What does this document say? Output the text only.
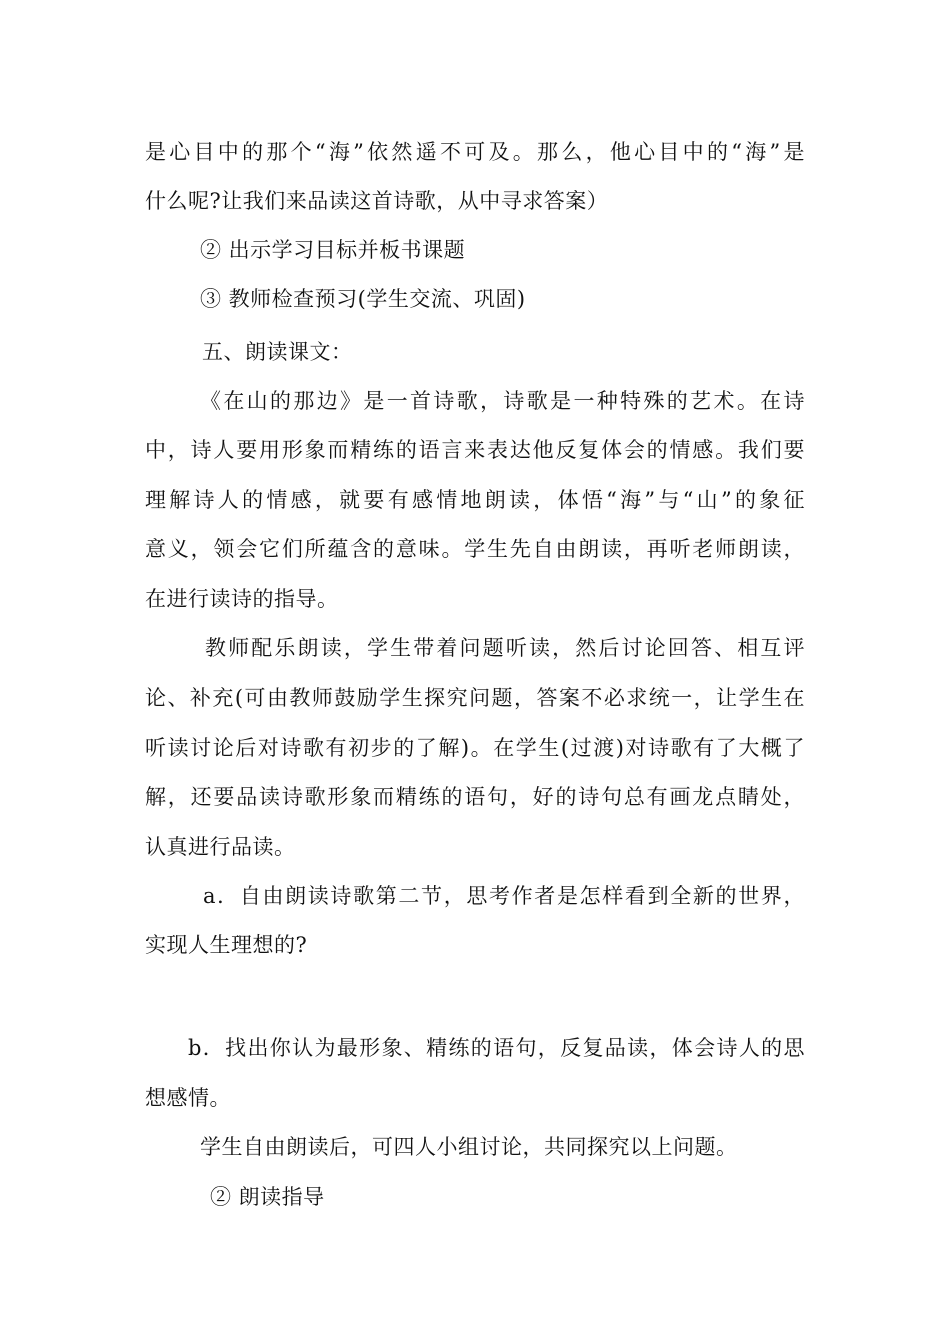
是心目中的那个“海”依然遥不可及。那么，他心目中的“海”是
什么呢?让我们来品读这首诗歌，从中寻求答案）
② 出示学习目标并板书课题
③ 教师检查预习(学生交流、巩固)
五、朗读课文：
《在山的那边》是一首诗歌，诗歌是一种特殊的艺术。在诗
中，诗人要用形象而精练的语言来表达他反复体会的情感。我们要
理解诗人的情感，就要有感情地朗读，体悟“海”与“山”的象征
意义，领会它们所蕴含的意味。学生先自由朗读，再听老师朗读，
在进行读诗的指导。
教师配乐朗读，学生带着问题听读，然后讨论回答、相互评
论、补充(可由教师鼓励学生探究问题，答案不必求统一，让学生在
听读讨论后对诗歌有初步的了解)。在学生(过渡)对诗歌有了大概了
解，还要品读诗歌形象而精练的语句，好的诗句总有画龙点睛处，
认真进行品读。
a．自由朗读诗歌第二节，思考作者是怎样看到全新的世界，
实现人生理想的?
b．找出你认为最形象、精练的语句，反复品读，体会诗人的思
想感情。
学生自由朗读后，可四人小组讨论，共同探究以上问题。
② 朗读指导
